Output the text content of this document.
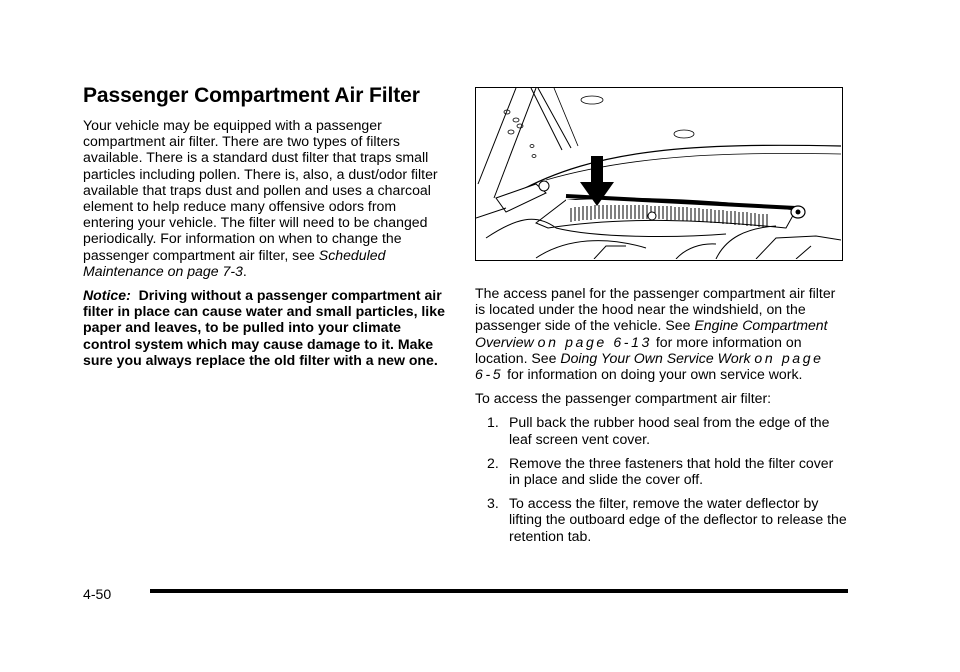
Passenger Compartment Air Filter

Your vehicle may be equipped with a passenger compartment air filter. There are two types of filters available. There is a standard dust filter that traps small particles including pollen. There is, also, a dust/odor filter available that traps dust and pollen and uses a charcoal element to help reduce many offensive odors from entering your vehicle. The filter will need to be changed periodically. For information on when to change the passenger compartment air filter, see Scheduled Maintenance on page 7-3.

Notice: Driving without a passenger compartment air filter in place can cause water and small particles, like paper and leaves, to be pulled into your climate control system which may cause damage to it. Make sure you always replace the old filter with a new one.

The access panel for the passenger compartment air filter is located under the hood near the windshield, on the passenger side of the vehicle. See Engine Compartment Overview on page 6-13 for more information on location. See Doing Your Own Service Work on page 6-5 for information on doing your own service work.

To access the passenger compartment air filter:

1. Pull back the rubber hood seal from the edge of the leaf screen vent cover.
2. Remove the three fasteners that hold the filter cover in place and slide the cover off.
3. To access the filter, remove the water deflector by lifting the outboard edge of the deflector to release the retention tab.
4-50
